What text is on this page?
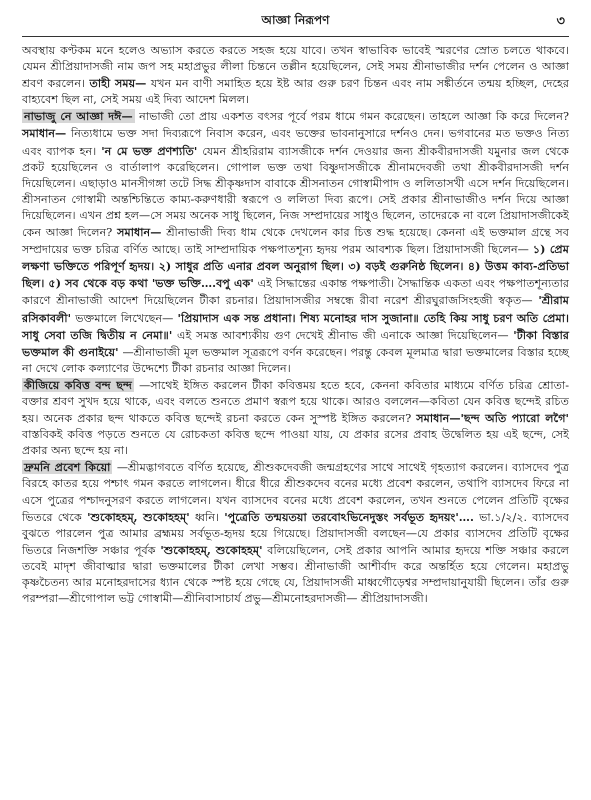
আজ্ঞা নিরূপণ	৩

অবস্থায় কণ্টকম মনে হলেও অভ্যাস করতে করতে সহজ হয়ে যাবে। তখন স্বাভাবিক ভাবেই স্মরণের স্রোত চলতে থাকবে। যেমন শ্রীপ্রিয়াদাসজী নাম জপ সহ মহাপ্রভুর লীলা চিন্তনে তল্লীন হয়েছিলেন, সেই সময় শ্রীনাভাজীর দর্শন পেলেন ও আজ্ঞা শ্রবণ করলেন। তাহী সময়— যখন মন বাণী সমাহিত হয়ে ইষ্ট আর গুরু চরণ চিন্তন এবং নাম সঙ্কীর্তনে তন্ময় হচ্ছিল, দেহের বাহ্যবেশ ছিল না, সেই সময় এই দিব্য আদেশ মিলল।

নাভাজু নে আজ্ঞা দঈ— নাভাজী তো প্রায় একশত বৎসর পূর্বে পরম ধামে গমন করেছেন। তাহলে আজ্ঞা কি করে দিলেন? সমাধান— নিত্যধামে ভক্ত সদা দিব্যরূপে নিবাস করেন, এবং ভক্তের ভাবনানুসারে দর্শনও দেন। ভগবানের মত ভক্তও নিত্য এবং ব্যাপক হন। 'ন মে ভক্ত প্রণশ্যতি' যেমন শ্রীহরিরাম ব্যাসজীকে দর্শন দেওয়ার জন্য শ্রীকবীরদাসজী যমুনার জল থেকে প্রকট হয়েছিলেন ও বার্তালাপ করেছিলেন। গোপাল ভক্ত তথা বিষ্ণুদাসজীকে শ্রীনামদেবজী তথা শ্রীকবীরদাসজী দর্শন দিয়েছিলেন। এছাড়াও মানসীগঙ্গা তটে সিদ্ধ শ্রীকৃষ্ণদাস বাবাকে শ্রীসনাতন গোস্বামীপাদ ও ললিতাসখী এসে দর্শন দিয়েছিলেন। শ্রীসনাতন গোস্বামী অন্তশ্চিন্তিতে কাম্য-করুণধারী স্বরূপে ও ললিতা দিব্য রূপে। সেই প্রকার শ্রীনাভাজীও দর্শন দিয়ে আজ্ঞা দিয়েছিলেন। এখন প্রশ্ন হল—সে সময় অনেক সাধু ছিলেন, নিজ সম্প্রদায়ের সাধুও ছিলেন, তাদেরকে না বলে প্রিয়াদাসজীকেই কেন আজ্ঞা দিলেন? সমাধান— শ্রীনাভাজী দিব্য ধাম থেকে দেখলেন কার চিত্ত শুদ্ধ হয়েছে। কেননা এই ভক্তমাল গ্রন্থে সব সম্প্রদায়ের ভক্ত চরিত্র বর্ণিত আছে। তাই সাম্প্রদায়িক পক্ষপাতশূন্য হৃদয় পরম আবশ্যক ছিল। প্রিয়াদাসজী ছিলেন— ১) প্রেম লক্ষণা ভক্তিতে পরিপূর্ণ হৃদয়। ২) সাধুর প্রতি এনার প্রবল অনুরাগ ছিল। ৩) বড়ই গুরুনিষ্ঠ ছিলেন। ৪) উত্তম কাব্য-প্রতিভা ছিল। ৫) সব থেকে বড় কথা 'ভক্ত ভক্তি….বপু এক' এই সিদ্ধান্তের একান্ত পক্ষপাতী। সৈদ্ধান্তিক একতা এবং পক্ষপাতশূন্যতার কারণে শ্রীনাভাজী আদেশ দিয়েছিলেন টীকা রচনার। প্রিয়াদাসজীর সম্বন্ধে রীবা নরেশ শ্রীরঘুরাজসিংহজী স্বকৃত— 'শ্রীরাম রসিকাবলী' ভক্তমালে লিখেছেন— 'প্রিয়াদাস এক সন্ত প্রধানা। শিষ্য মনোহর দাস সুজানা॥ তেহি কিয় সাধু চরণ অতি প্রেমা। সাধু সেবা তজি দ্বিতীয় ন নেমা॥' এই সমস্ত আবশ্যকীয় গুণ দেখেই শ্রীনাভ জী এনাকে আজ্ঞা দিয়েছিলেন— 'টীকা বিস্তার ভক্তমাল কী গুনাইয়ে' —শ্রীনাভাজী মূল ভক্তমাল সূত্ররূপে বর্ণন করেছেন। পরন্তু কেবল মূলমাত্র দ্বারা ভক্তমালের বিস্তার হচ্ছে না দেখে লোক কল্যাণের উদ্দেশ্যে টীকা রচনার আজ্ঞা দিলেন।

কীজিয়ে কবিত্ত বন্দ ছন্দ —সাথেই ইঙ্গিত করলেন টীকা কবিত্তময় হতে হবে, কেননা কবিতার মাধ্যমে বর্ণিত চরিত্র শ্রোতা-বক্তার শ্রবণ সুখদ হয়ে থাকে, এবং বলতে শুনতে প্রমাণ স্বরূপ হয়ে থাকে। আরও বললেন—কবিতা যেন কবিত্ত ছন্দেই রচিত হয়। অনেক প্রকার ছন্দ থাকতে কবিত্ত ছন্দেই রচনা করতে কেন সুস্পষ্ট ইঙ্গিত করলেন? সমাধান—'ছন্দ অতি প্যারো লগৈ' বাস্তবিকই কবিত্ত পড়তে শুনতে যে রোচকতা কবিত্ত ছন্দে পাওয়া যায়, যে প্রকার রসের প্রবাহ উদ্বেলিত হয় এই ছন্দে, সেই প্রকার অন্য ছন্দে হয় না।

দ্রুমনি প্রবেশ কিয়ো —শ্রীমদ্ভাগবতে বর্ণিত হয়েছে, শ্রীশুকদেবজী জন্মগ্রহণের সাথে সাথেই গৃহত্যাগ করলেন। ব্যাসদেব পুত্র বিরহে কাতর হয়ে পশ্চাৎ গমন করতে লাগলেন। ধীরে ধীরে শ্রীশুকদেব বনের মধ্যে প্রবেশ করলেন, তথাপি ব্যাসদেব ফিরে না এসে পুত্রের পশ্চাদনুসরণ করতে লাগলেন। যখন ব্যাসদেব বনের মধ্যে প্রবেশ করলেন, তখন শুনতে পেলেন প্রতিটি বৃক্ষের ভিতরে থেকে 'শুকোহহম্, শুকোহহম্' ধ্বনি। 'পুত্রেতি তন্ময়তয়া তরবোঽভিনেদুস্তং সর্বভূত হৃদয়ং'…. ভা.১/২/২. ব্যাসদেব বুঝতে পারলেন পুত্র আমার ব্রহ্মময় সর্বভূত-হৃদয় হয়ে গিয়েছে। প্রিয়াদাসজী বলছেন—যে প্রকার ব্যাসদেব প্রতিটি বৃক্ষের ভিতরে নিজশক্তি সঞ্চার পূর্বক 'শুকোহহম্, শুকোহহম্' বলিয়েছিলেন, সেই প্রকার আপনি আমার হৃদয়ে শক্তি সঞ্চার করলে তবেই মাদৃশ জীবাত্মার দ্বারা ভক্তমালের টীকা লেখা সম্ভব। শ্রীনাভাজী আশীর্বাদ করে অন্তর্হিত হয়ে গেলেন। মহাপ্রভু কৃষ্ণচৈতন্য আর মনোহরদাসের ধ্যান থেকে স্পষ্ট হয়ে গেছে যে, প্রিয়াদাসজী মাধ্বগৌড়েশ্বর সম্প্রদায়ানুযায়ী ছিলেন। তাঁর গুরু পরম্পরা—শ্রীগোপাল ভট্ট গোস্বামী—শ্রীনিবাসাচার্য প্রভু—শ্রীমনোহরদাসজী— শ্রীপ্রিয়াদাসজী।
